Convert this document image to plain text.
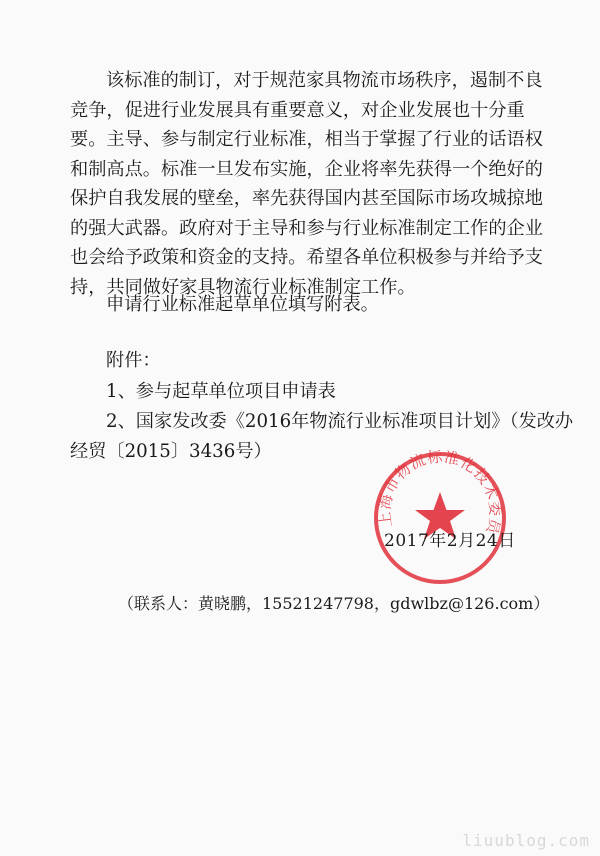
该标准的制订，对于规范家具物流市场秩序，遏制不良竞争，促进行业发展具有重要意义，对企业发展也十分重要。主导、参与制定行业标准，相当于掌握了行业的话语权和制高点。标准一旦发布实施，企业将率先获得一个绝好的保护自我发展的壁垒，率先获得国内甚至国际市场攻城掠地的强大武器。政府对于主导和参与行业标准制定工作的企业也会给予政策和资金的支持。希望各单位积极参与并给予支持，共同做好家具物流行业标准制定工作。

申请行业标准起草单位填写附表。

附件：

1、参与起草单位项目申请表

2、国家发改委《2016年物流行业标准项目计划》（发改办

经贸〔2015〕3436号）

上海市物流标准化技术委员
2017年2月24日
（联系人：黄晓鹏，15521247798，gdwlbz@126.com）
liuublog.com
